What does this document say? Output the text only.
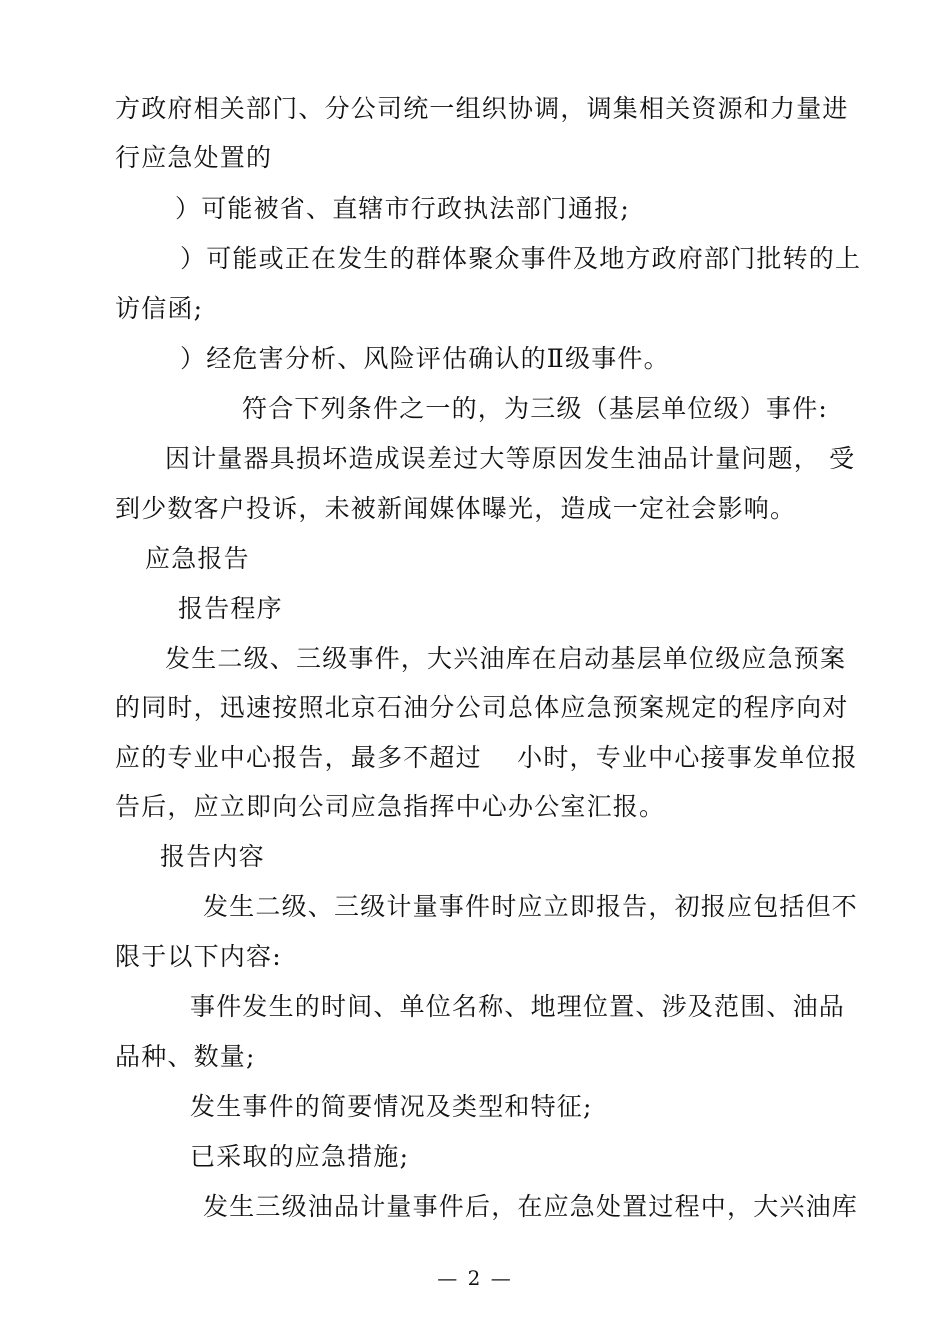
方政府相关部门、分公司统一组织协调，调集相关资源和力量进
行应急处置的
）可能被省、直辖市行政执法部门通报;
）可能或正在发生的群体聚众事件及地方政府部门批转的上
访信函;
）经危害分析、风险评估确认的Ⅱ级事件。
符合下列条件之一的，为三级（基层单位级）事件:
因计量器具损坏造成误差过大等原因发生油品计量问题， 受
到少数客户投诉，未被新闻媒体曝光，造成一定社会影响。
应急报告
报告程序
发生二级、三级事件，大兴油库在启动基层单位级应急预案
的同时，迅速按照北京石油分公司总体应急预案规定的程序向对
应的专业中心报告，最多不超过　 小时，专业中心接事发单位报
告后，应立即向公司应急指挥中心办公室汇报。
报告内容
发生二级、三级计量事件时应立即报告，初报应包括但不
限于以下内容:
事件发生的时间、单位名称、地理位置、涉及范围、油品
品种、数量;
发生事件的简要情况及类型和特征;
已采取的应急措施;
发生三级油品计量事件后，在应急处置过程中，大兴油库
— 2 —
